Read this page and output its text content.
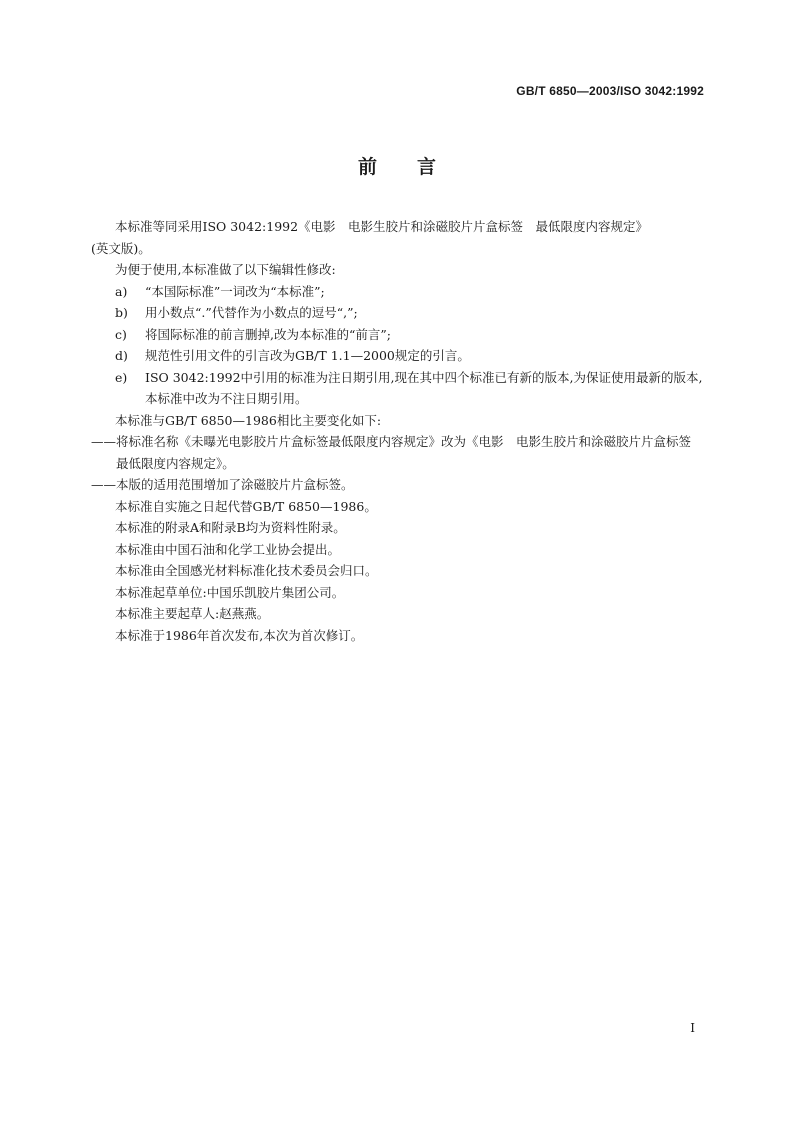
GB/T 6850—2003/ISO 3042:1992
前言

本标准等同采用ISO 3042:1992《电影　电影生胶片和涂磁胶片片盒标签　最低限度内容规定》
(英文版)。

为便于使用,本标准做了以下编辑性修改:

a)	“本国际标准”一词改为“本标准”;
b)	用小数点“.”代替作为小数点的逗号“,”;
c)	将国际标准的前言删掉,改为本标准的“前言”;
d)	规范性引用文件的引言改为GB/T 1.1—2000规定的引言。
e)	ISO 3042:1992中引用的标准为注日期引用,现在其中四个标准已有新的版本,为保证使用最新的版本,本标准中改为不注日期引用。

本标准与GB/T 6850—1986相比主要变化如下:

—— 将标准名称《未曝光电影胶片片盒标签最低限度内容规定》改为《电影　电影生胶片和涂磁胶片片盒标签　最低限度内容规定》。
—— 本版的适用范围增加了涂磁胶片片盒标签。

本标准自实施之日起代替GB/T 6850—1986。

本标准的附录A和附录B均为资料性附录。

本标准由中国石油和化学工业协会提出。

本标准由全国感光材料标准化技术委员会归口。

本标准起草单位:中国乐凯胶片集团公司。

本标准主要起草人:赵燕燕。

本标准于1986年首次发布,本次为首次修订。

I
